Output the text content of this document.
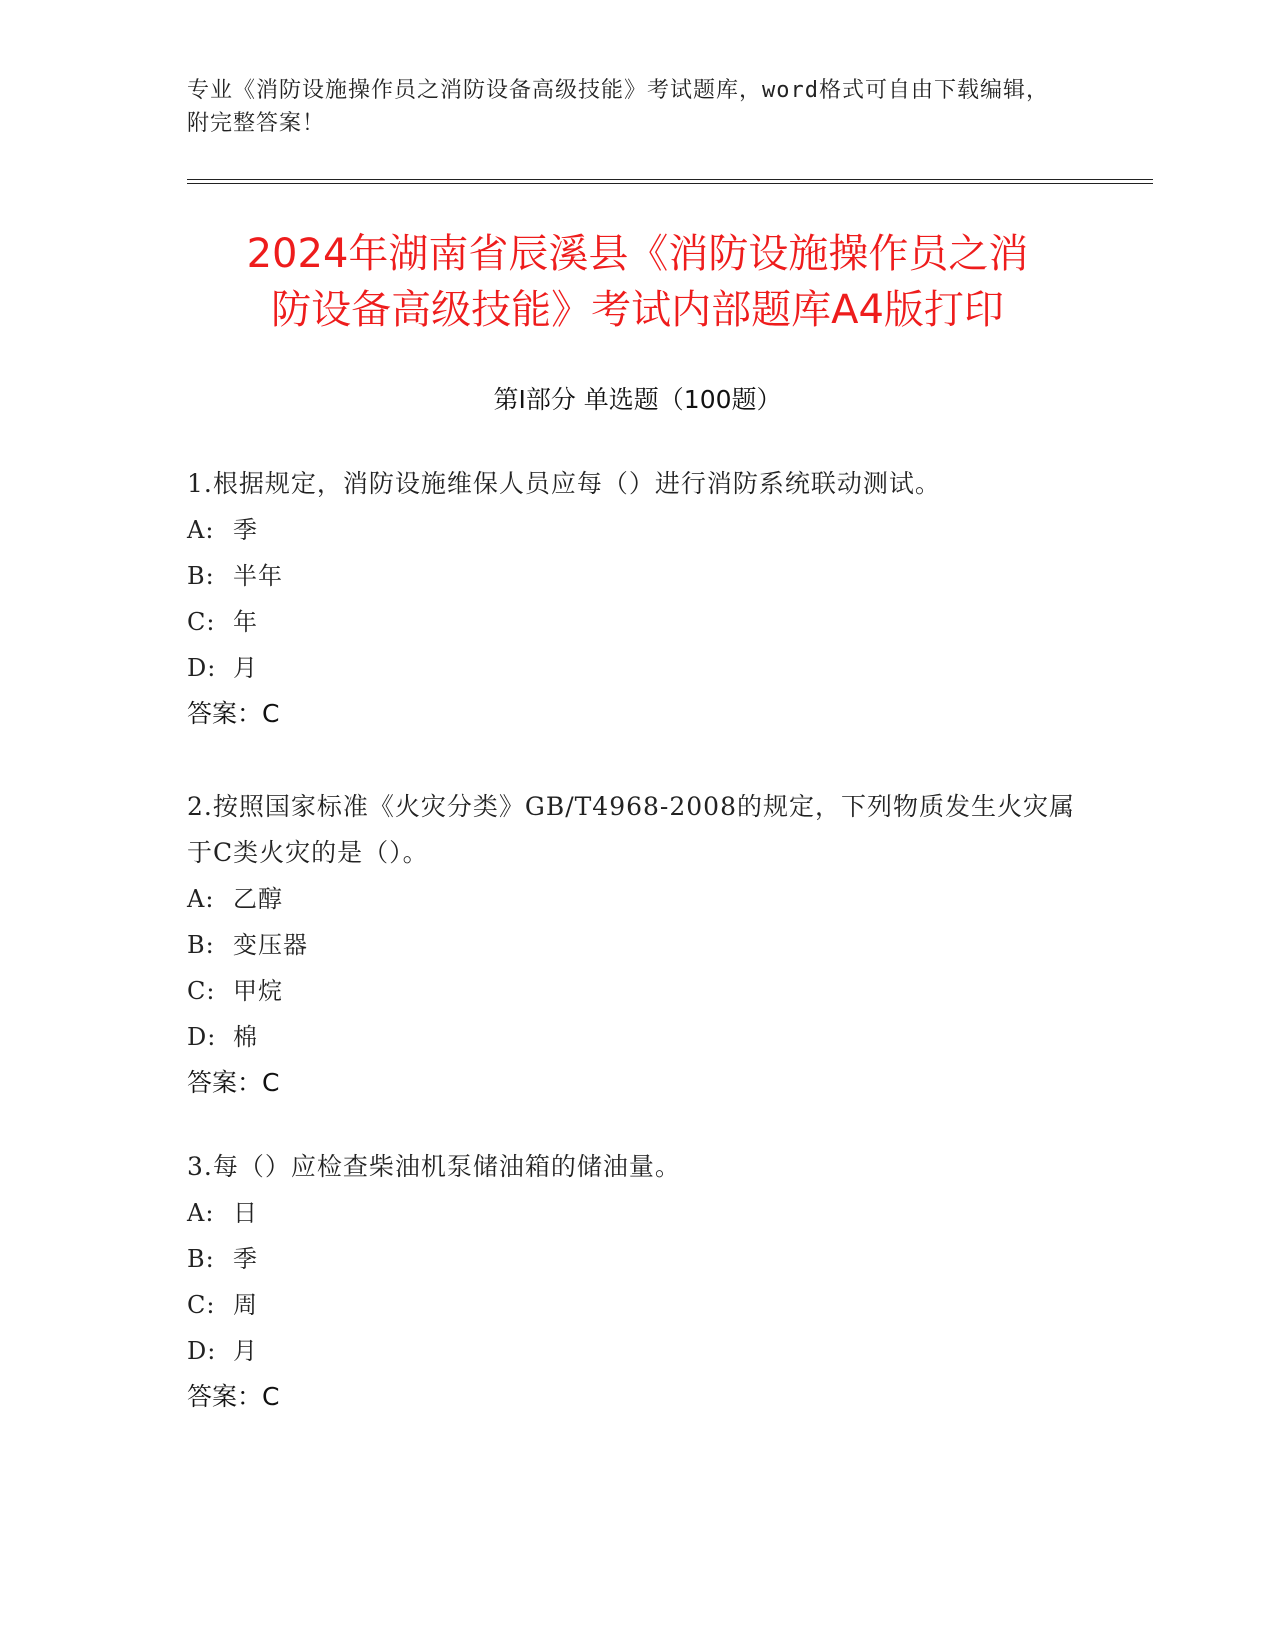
专业《消防设施操作员之消防设备高级技能》考试题库，word格式可自由下载编辑，附完整答案！
2024年湖南省辰溪县《消防设施操作员之消
防设备高级技能》考试内部题库A4版打印
第I部分 单选题（100题）
1.根据规定，消防设施维保人员应每（）进行消防系统联动测试。
A: 季
B: 半年
C: 年
D: 月
答案：C
2.按照国家标准《火灾分类》GB/T4968-2008的规定，下列物质发生火灾属于C类火灾的是（）。
A: 乙醇
B: 变压器
C: 甲烷
D: 棉
答案：C
3.每（）应检查柴油机泵储油箱的储油量。
A: 日
B: 季
C: 周
D: 月
答案：C
